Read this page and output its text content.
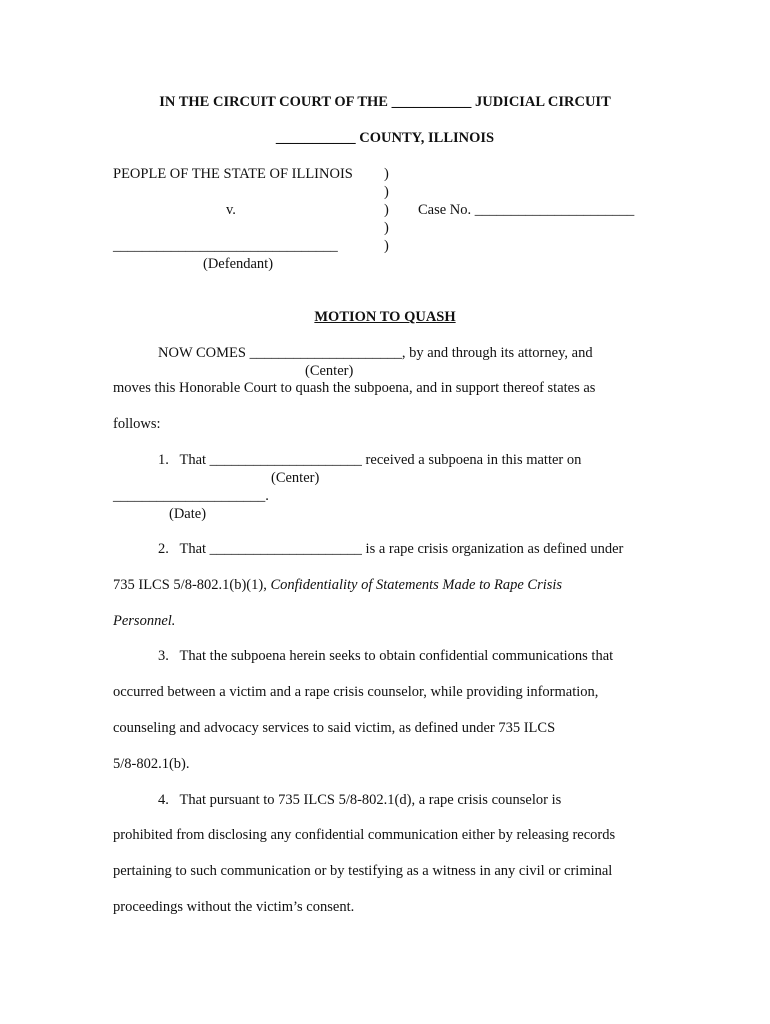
IN THE CIRCUIT COURT OF THE ___________ JUDICIAL CIRCUIT
___________ COUNTY, ILLINOIS
PEOPLE OF THE STATE OF ILLINOIS
v.
_______________________________
(Defendant)
)
)
)
)
)
Case No. ______________________
MOTION TO QUASH
NOW COMES _____________________, by and through its attorney, and
(Center)
moves this Honorable Court to quash the subpoena, and in support thereof states as
follows:
1.   That _____________________ received a subpoena in this matter on
(Center)
_____________________.
(Date)
2.   That _____________________ is a rape crisis organization as defined under
735 ILCS 5/8-802.1(b)(1), Confidentiality of Statements Made to Rape Crisis
Personnel.
3.   That the subpoena herein seeks to obtain confidential communications that
occurred between a victim and a rape crisis counselor, while providing information,
counseling and advocacy services to said victim, as defined under 735 ILCS
5/8-802.1(b).
4.   That pursuant to 735 ILCS 5/8-802.1(d), a rape crisis counselor is
prohibited from disclosing any confidential communication either by releasing records
pertaining to such communication or by testifying as a witness in any civil or criminal
proceedings without the victim’s consent.
